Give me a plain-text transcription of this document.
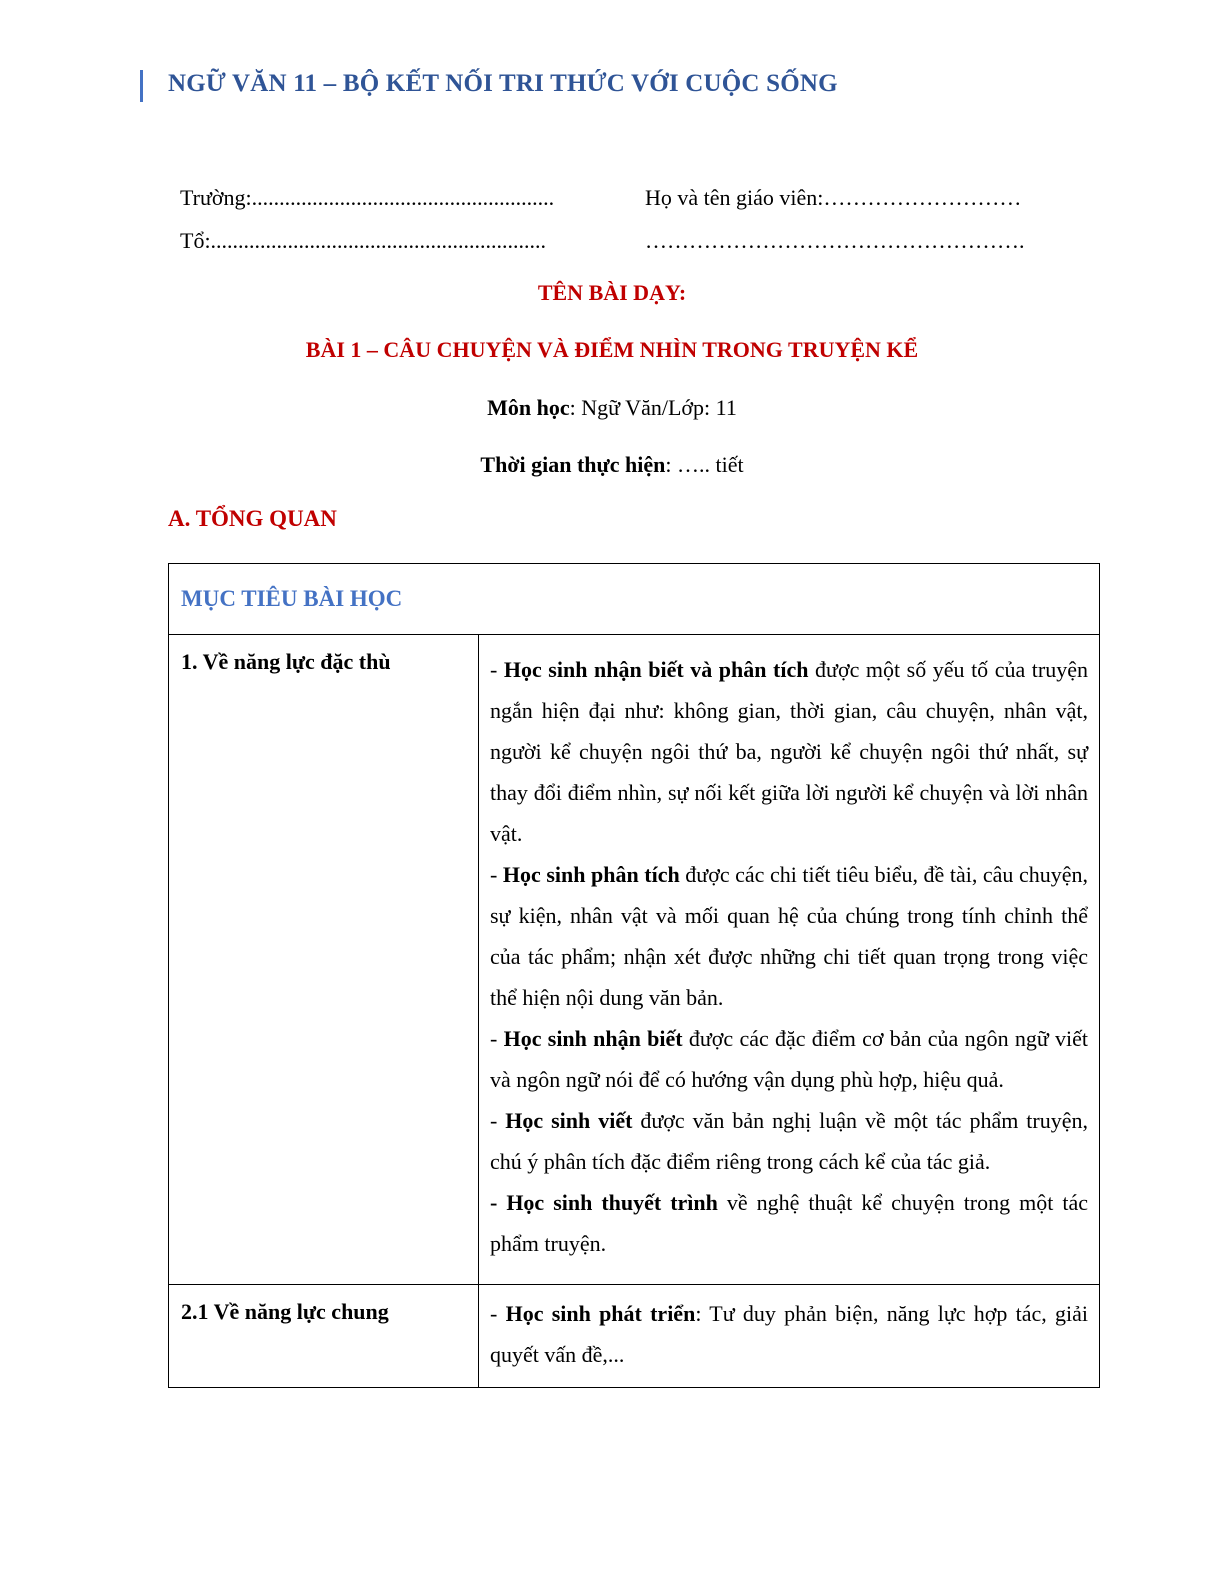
NGỮ VĂN 11 – BỘ KẾT NỐI TRI THỨC VỚI CUỘC SỐNG
Trường:.......................................................	Họ và tên giáo viên:………………………
Tổ:.............................................................	…………………………………………….
TÊN BÀI DẠY:
BÀI 1 – CÂU CHUYỆN VÀ ĐIỂM NHÌN TRONG TRUYỆN KỂ
Môn học: Ngữ Văn/Lớp: 11
Thời gian thực hiện: ….. tiết
A. TỔNG QUAN
MỤC TIÊU BÀI HỌC	
1. Về năng lực đặc thù	- Học sinh nhận biết và phân tích được một số yếu tố của truyện ngắn hiện đại như: không gian, thời gian, câu chuyện, nhân vật, người kể chuyện ngôi thứ ba, người kể chuyện ngôi thứ nhất, sự thay đổi điểm nhìn, sự nối kết giữa lời người kể chuyện và lời nhân vật.
- Học sinh phân tích được các chi tiết tiêu biểu, đề tài, câu chuyện, sự kiện, nhân vật và mối quan hệ của chúng trong tính chỉnh thể của tác phẩm; nhận xét được những chi tiết quan trọng trong việc thể hiện nội dung văn bản.
- Học sinh nhận biết được các đặc điểm cơ bản của ngôn ngữ viết và ngôn ngữ nói để có hướng vận dụng phù hợp, hiệu quả.
- Học sinh viết được văn bản nghị luận về một tác phẩm truyện, chú ý phân tích đặc điểm riêng trong cách kể của tác giả.
- Học sinh thuyết trình về nghệ thuật kể chuyện trong một tác phẩm truyện.

2.1 Về năng lực chung	- Học sinh phát triển: Tư duy phản biện, năng lực hợp tác, giải quyết vấn đề,...
